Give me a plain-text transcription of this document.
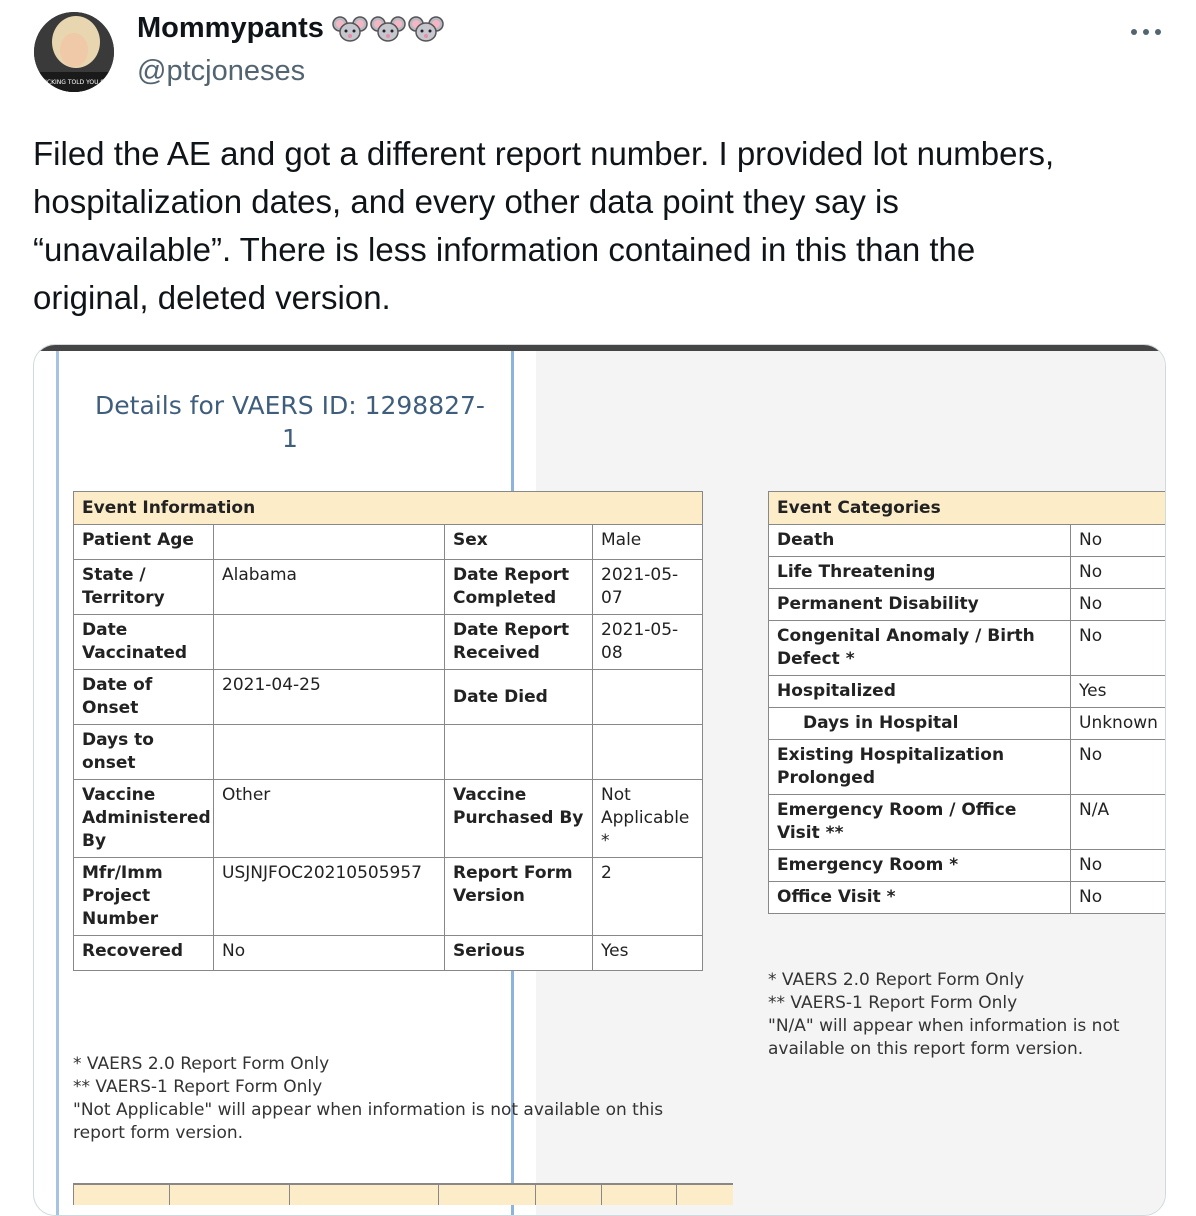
FUCKING TOLD YOU SO
Mommypants
@ptcjoneses

Filed the AE and got a different report number. I provided lot numbers,
hospitalization dates, and every other data point they say is
“unavailable”. There is less information contained in this than the
original, deleted version.

Details for VAERS ID: 1298827-
1
Event Information			
Patient Age		Sex	Male
State / Territory	Alabama	Date Report Completed	2021-05-07
Date Vaccinated		Date Report Received	2021-05-08
Date of Onset	2021-04-25	Date Died	
Days to onset			
Vaccine Administered By	Other	Vaccine Purchased By	Not Applicable *
Mfr/Imm Project Number	USJNJFOC20210505957	Report Form Version	2
Recovered	No	Serious	Yes
* VAERS 2.0 Report Form Only
** VAERS-1 Report Form Only
"Not Applicable" will appear when information is not available on this
report form version.
Event Categories	
Death	No
Life Threatening	No
Permanent Disability	No
Congenital Anomaly / Birth Defect *	No
Hospitalized	Yes
Days in Hospital	Unknown
Existing Hospitalization Prolonged	No
Emergency Room / Office Visit **	N/A
Emergency Room *	No
Office Visit *	No
* VAERS 2.0 Report Form Only
** VAERS-1 Report Form Only
"N/A" will appear when information is not
available on this report form version.
